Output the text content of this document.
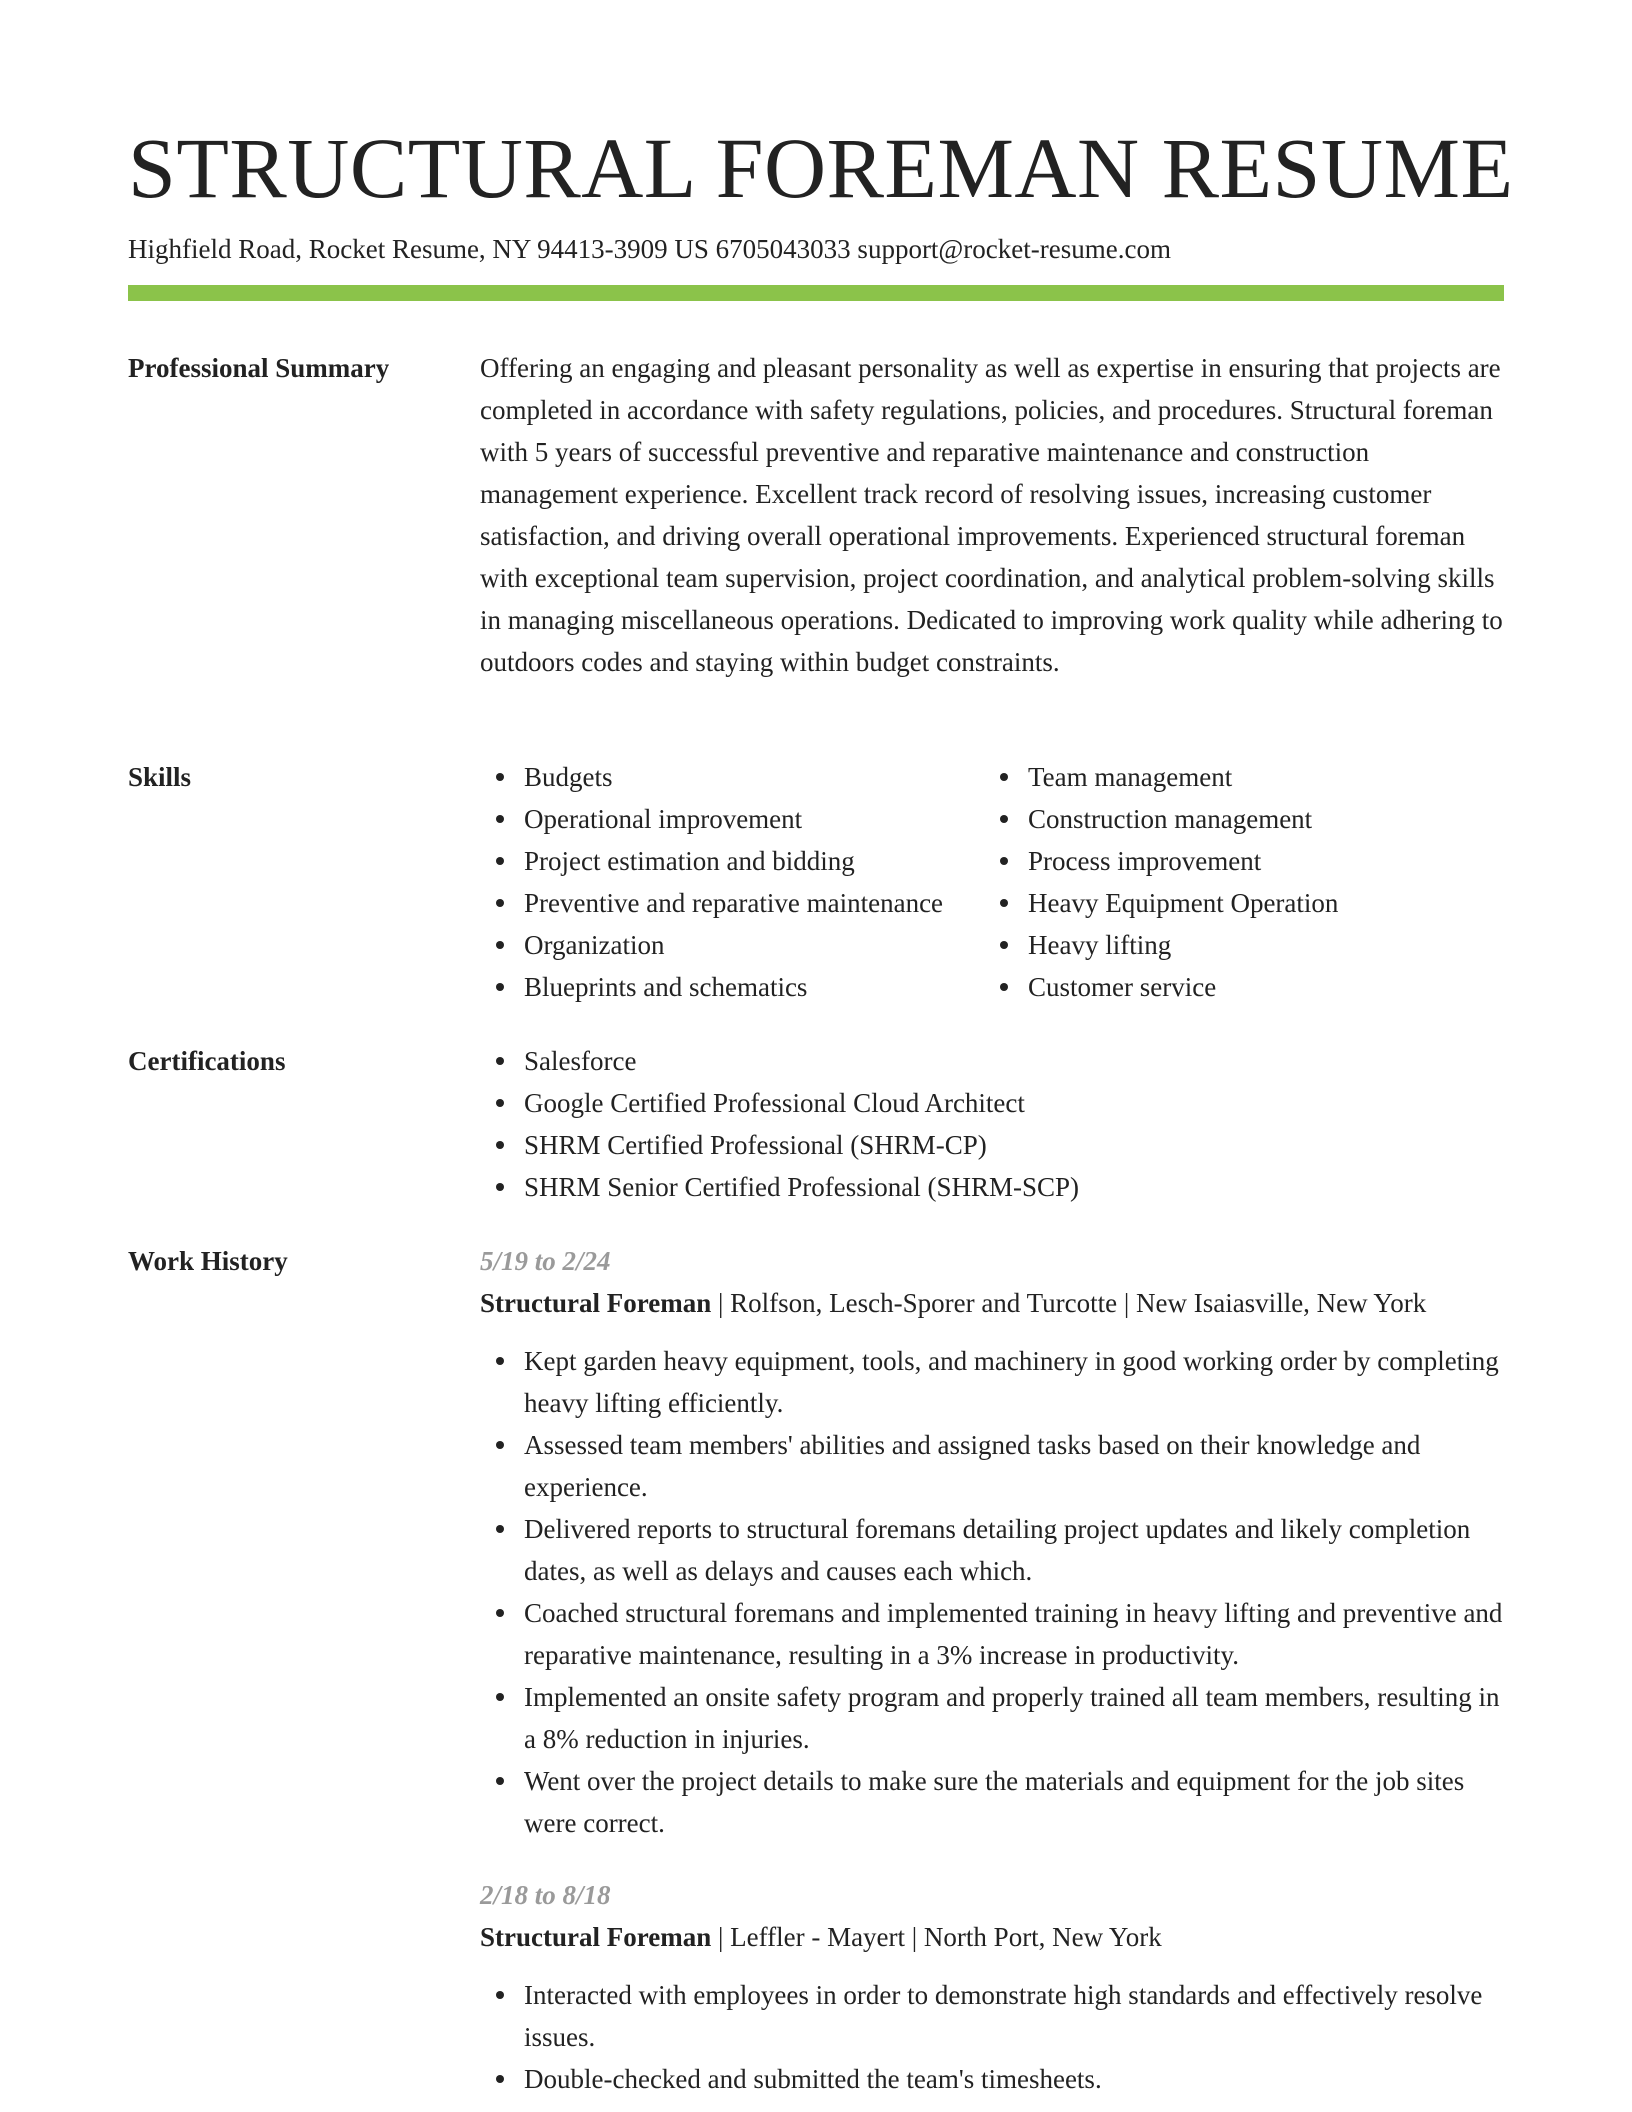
STRUCTURAL FOREMAN RESUME
Highfield Road, Rocket Resume, NY 94413-3909 US 6705043033 support@rocket-resume.com
Professional Summary	Offering an engaging and pleasant personality as well as expertise in ensuring that projects are completed in accordance with safety regulations, policies, and procedures. Structural foreman with 5 years of successful preventive and reparative maintenance and construction management experience. Excellent track record of resolving issues, increasing customer satisfaction, and driving overall operational improvements. Experienced structural foreman with exceptional team supervision, project coordination, and analytical problem-solving skills in managing miscellaneous operations. Dedicated to improving work quality while adhering to outdoors codes and staying within budget constraints.

Skills	Budgets
Operational improvement
Project estimation and bidding
Preventive and reparative maintenance
Organization
Blueprints and schematics
Team management
Construction management
Process improvement
Heavy Equipment Operation
Heavy lifting
Customer service
Certifications	Salesforce
Google Certified Professional Cloud Architect
SHRM Certified Professional (SHRM-CP)
SHRM Senior Certified Professional (SHRM-SCP)
Work History	5/19 to 2/24
Structural Foreman | Rolfson, Lesch-Sporer and Turcotte | New Isaiasville, New York
Kept garden heavy equipment, tools, and machinery in good working order by completing heavy lifting efficiently.
Assessed team members' abilities and assigned tasks based on their knowledge and experience.
Delivered reports to structural foremans detailing project updates and likely completion dates, as well as delays and causes each which.
Coached structural foremans and implemented training in heavy lifting and preventive and reparative maintenance, resulting in a 3% increase in productivity.
Implemented an onsite safety program and properly trained all team members, resulting in a 8% reduction in injuries.
Went over the project details to make sure the materials and equipment for the job sites were correct.
2/18 to 8/18
Structural Foreman | Leffler - Mayert | North Port, New York
Interacted with employees in order to demonstrate high standards and effectively resolve issues.
Double-checked and submitted the team's timesheets.
